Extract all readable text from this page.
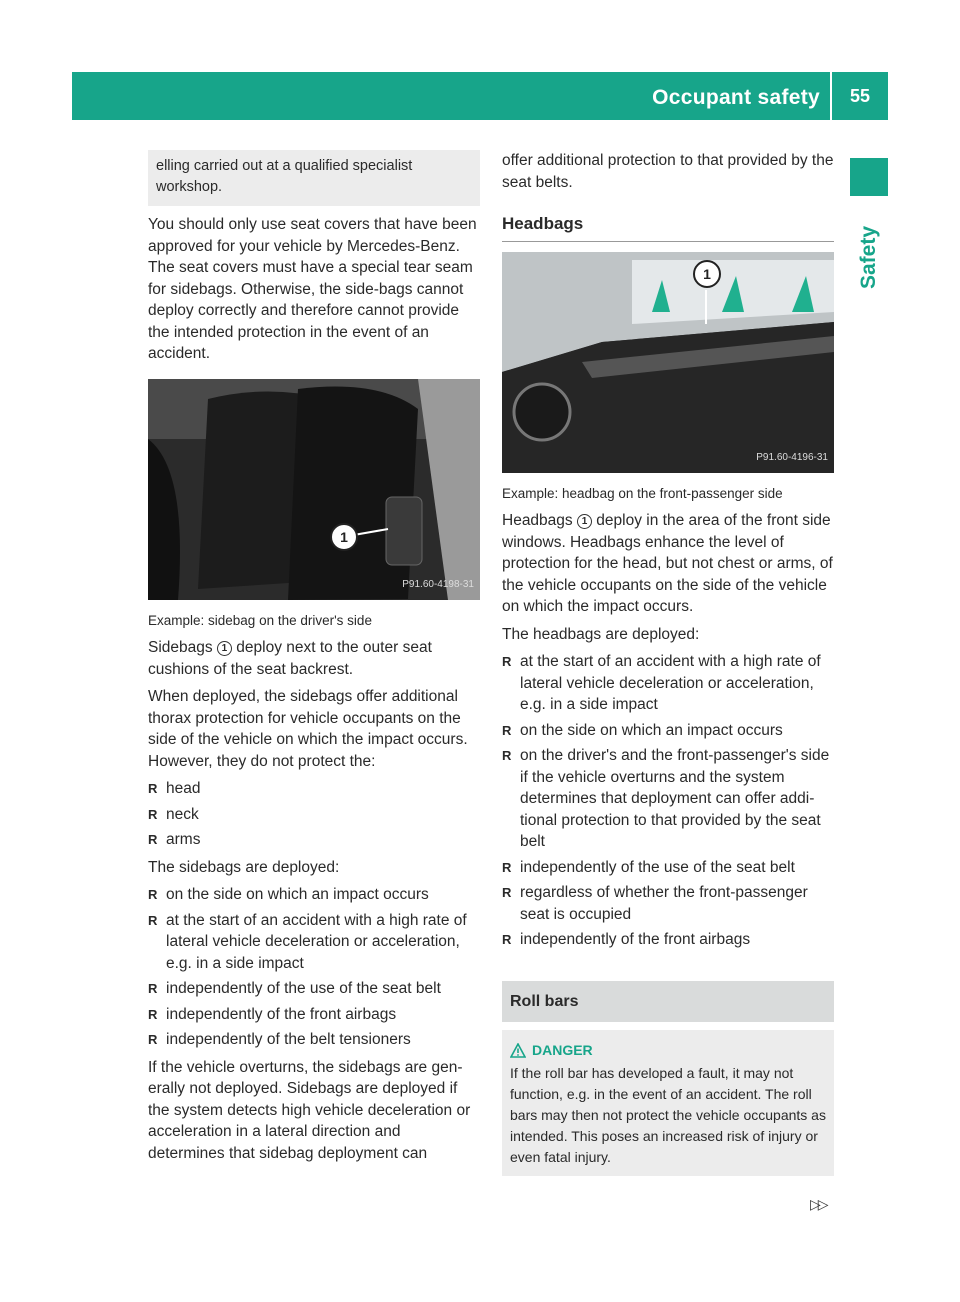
Occupant safety 55
Safety
elling carried out at a qualified specialist workshop.

You should only use seat covers that have been approved for your vehicle by Mercedes-Benz. The seat covers must have a special tear seam for sidebags. Otherwise, the side-bags cannot deploy correctly and therefore cannot provide the intended protection in the event of an accident.

1
P91.60-4198-31
Example: sidebag on the driver's side

Sidebags 1 deploy next to the outer seat cushions of the seat backrest.

When deployed, the sidebags offer additional thorax protection for vehicle occupants on the side of the vehicle on which the impact occurs. However, they do not protect the:

R head
R neck
R arms

The sidebags are deployed:

R on the side on which an impact occurs
R at the start of an accident with a high rate of lateral vehicle deceleration or acceleration, e.g. in a side impact
R independently of the use of the seat belt
R independently of the front airbags
R independently of the belt tensioners

If the vehicle overturns, the sidebags are gen-erally not deployed. Sidebags are deployed if the system detects high vehicle deceleration or acceleration in a lateral direction and determines that sidebag deployment can

offer additional protection to that provided by the seat belts.

Headbags
1
P91.60-4196-31
Example: headbag on the front-passenger side

Headbags 1 deploy in the area of the front side windows. Headbags enhance the level of protection for the head, but not chest or arms, of the vehicle occupants on the side of the vehicle on which the impact occurs.

The headbags are deployed:

R at the start of an accident with a high rate of lateral vehicle deceleration or acceleration, e.g. in a side impact
R on the side on which an impact occurs
R on the driver's and the front-passenger's side if the vehicle overturns and the system determines that deployment can offer addi-tional protection to that provided by the seat belt
R independently of the use of the seat belt
R regardless of whether the front-passenger seat is occupied
R independently of the front airbags
Roll bars
DANGER
If the roll bar has developed a fault, it may not function, e.g. in the event of an accident. The roll bars may then not protect the vehicle occupants as intended. This poses an increased risk of injury or even fatal injury.
▷▷
